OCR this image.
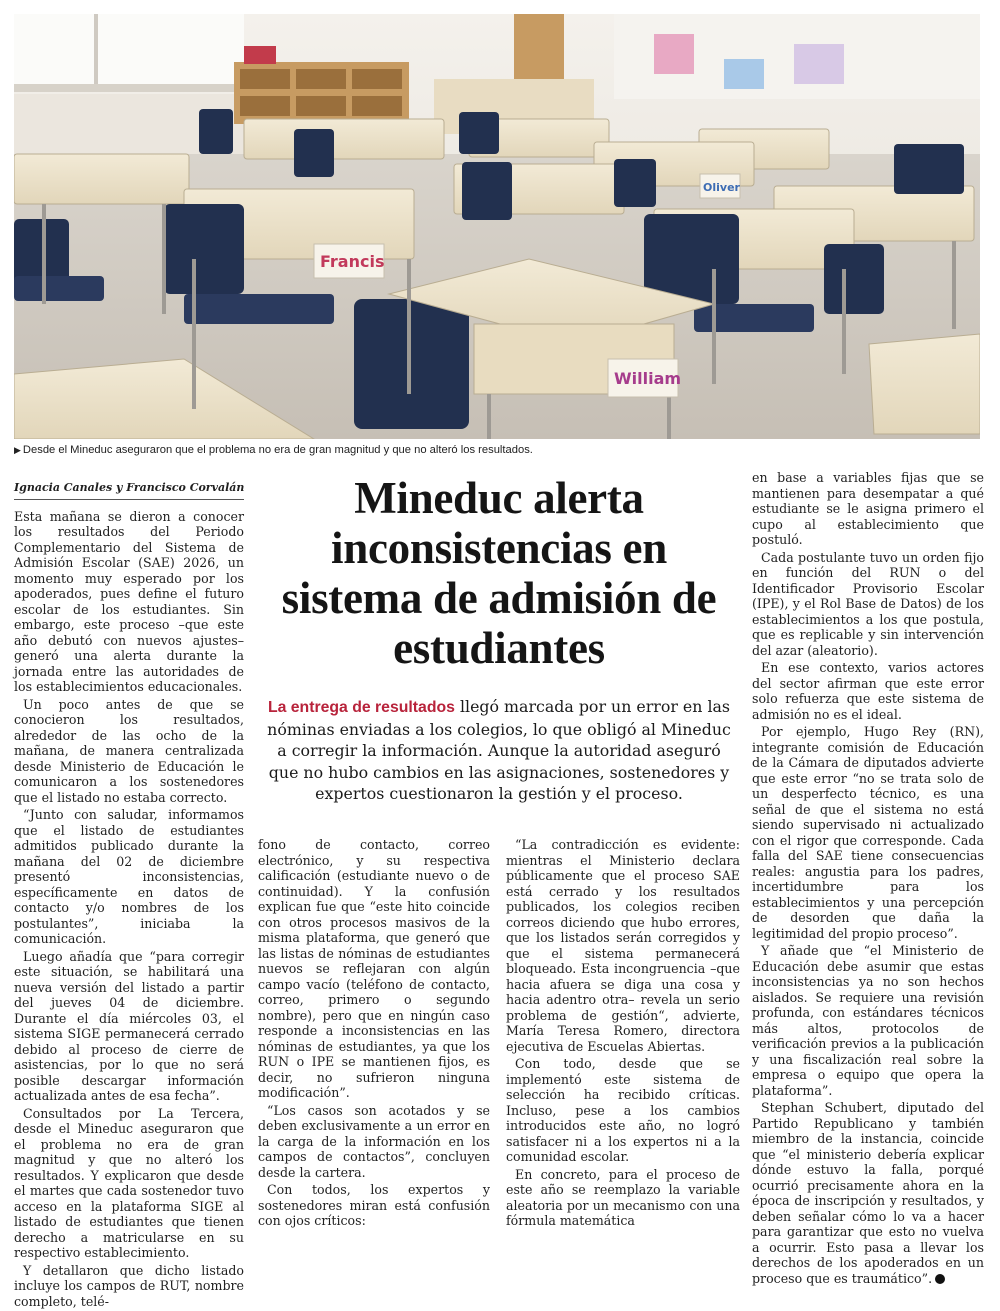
Francis
Oliver
William
▶ Desde el Mineduc aseguraron que el problema no era de gran magnitud y que no alteró los resultados.
Ignacia Canales y Francisco Corvalán

Esta mañana se dieron a conocer los resultados del Periodo Complementario del Sistema de Admisión Escolar (SAE) 2026, un momento muy esperado por los apoderados, pues define el futuro escolar de los estudiantes. Sin embargo, este proceso –que este año debutó con nuevos ajustes– generó una alerta durante la jornada entre las autoridades de los establecimientos educacionales.

Un poco antes de que se conocieron los resultados, alrededor de las ocho de la mañana, de manera centralizada desde Ministerio de Educación le comunicaron a los sostenedores que el listado no estaba correcto.

“Junto con saludar, informamos que el listado de estudiantes admitidos publicado durante la mañana del 02 de diciembre presentó inconsistencias, específicamente en datos de contacto y/o nombres de los postulantes”, iniciaba la comunicación.

Luego añadía que “para corregir este situación, se habilitará una nueva versión del listado a partir del jueves 04 de diciembre. Durante el día miércoles 03, el sistema SIGE permanecerá cerrado debido al proceso de cierre de asistencias, por lo que no será posible descargar información actualizada antes de esa fecha”.

Consultados por La Tercera, desde el Mineduc aseguraron que el problema no era de gran magnitud y que no alteró los resultados. Y explicaron que desde el martes que cada sostenedor tuvo acceso en la plataforma SIGE al listado de estudiantes que tienen derecho a matricularse en su respectivo establecimiento.

Y detallaron que dicho listado incluye los campos de RUT, nombre completo, telé-

Mineduc alerta inconsistencias en sistema de admisión de estudiantes
La entrega de resultados llegó marcada por un error en las nóminas enviadas a los colegios, lo que obligó al Mineduc a corregir la información. Aunque la autoridad aseguró que no hubo cambios en las asignaciones, sostenedores y expertos cuestionaron la gestión y el proceso.

fono de contacto, correo electrónico, y su respectiva calificación (estudiante nuevo o de continuidad). Y la confusión explican fue que “este hito coincide con otros procesos masivos de la misma plataforma, que generó que las listas de nóminas de estudiantes nuevos se reflejaran con algún campo vacío (teléfono de contacto, correo, primero o segundo nombre), pero que en ningún caso responde a inconsistencias en las nóminas de estudiantes, ya que los RUN o IPE se mantienen fijos, es decir, no sufrieron ninguna modificación”.

“Los casos son acotados y se deben exclusivamente a un error en la carga de la información en los campos de contactos”, concluyen desde la cartera.

Con todos, los expertos y sostenedores miran está confusión con ojos críticos:

“La contradicción es evidente: mientras el Ministerio declara públicamente que el proceso SAE está cerrado y los resultados publicados, los colegios reciben correos diciendo que hubo errores, que los listados serán corregidos y que el sistema permanecerá bloqueado. Esta incongruencia –que hacia afuera se diga una cosa y hacia adentro otra– revela un serio problema de gestión“, advierte, María Teresa Romero, directora ejecutiva de Escuelas Abiertas.

Con todo, desde que se implementó este sistema de selección ha recibido críticas. Incluso, pese a los cambios introducidos este año, no logró satisfacer ni a los expertos ni a la comunidad escolar.

En concreto, para el proceso de este año se reemplazo la variable aleatoria por un mecanismo con una fórmula matemática

en base a variables fijas que se mantienen para desempatar a qué estudiante se le asigna primero el cupo al establecimiento que postuló.

Cada postulante tuvo un orden fijo en función del RUN o del Identificador Provisorio Escolar (IPE), y el Rol Base de Datos) de los establecimientos a los que postula, que es replicable y sin intervención del azar (aleatorio).

En ese contexto, varios actores del sector afirman que este error solo refuerza que este sistema de admisión no es el ideal.

Por ejemplo, Hugo Rey (RN), integrante comisión de Educación de la Cámara de diputados advierte que este error “no se trata solo de un desperfecto técnico, es una señal de que el sistema no está siendo supervisado ni actualizado con el rigor que corresponde. Cada falla del SAE tiene consecuencias reales: angustia para los padres, incertidumbre para los establecimientos y una percepción de desorden que daña la legitimidad del propio proceso”.

Y añade que “el Ministerio de Educación debe asumir que estas inconsistencias ya no son hechos aislados. Se requiere una revisión profunda, con estándares técnicos más altos, protocolos de verificación previos a la publicación y una fiscalización real sobre la empresa o equipo que opera la plataforma”.

Stephan Schubert, diputado del Partido Republicano y también miembro de la instancia, coincide que “el ministerio debería explicar dónde estuvo la falla, porqué ocurrió precisamente ahora en la época de inscripción y resultados, y deben señalar cómo lo va a hacer para garantizar que esto no vuelva a ocurrir. Esto pasa a llevar los derechos de los apoderados en un proceso que es traumático”.
